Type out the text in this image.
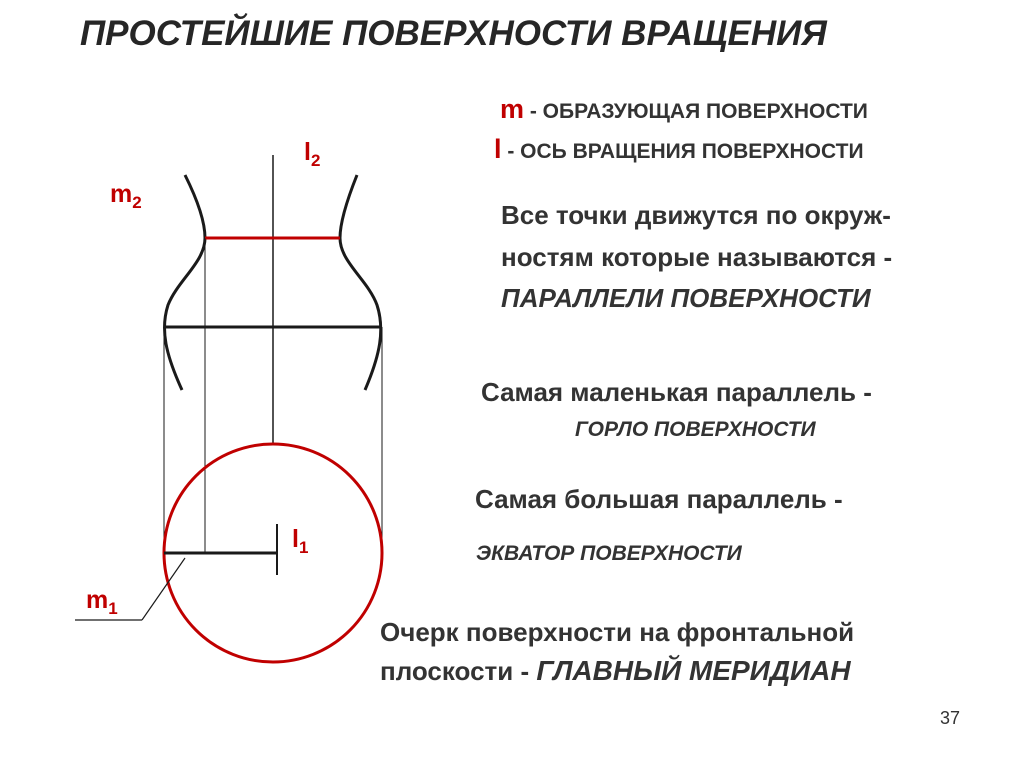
ПРОСТЕЙШИЕ ПОВЕРХНОСТИ ВРАЩЕНИЯ
m - ОБРАЗУЮЩАЯ ПОВЕРХНОСТИ
l - ОСЬ ВРАЩЕНИЯ ПОВЕРХНОСТИ
Все точки движутся по окруж-
ностям которые называются -
ПАРАЛЛЕЛИ ПОВЕРХНОСТИ
Самая маленькая параллель -
ГОРЛО ПОВЕРХНОСТИ
Самая большая параллель -
ЭКВАТОР ПОВЕРХНОСТИ
Очерк поверхности на фронтальной
плоскости - ГЛАВНЫЙ МЕРИДИАН
$l_2$
$m_2$
$l_1$
$m_1$
37
